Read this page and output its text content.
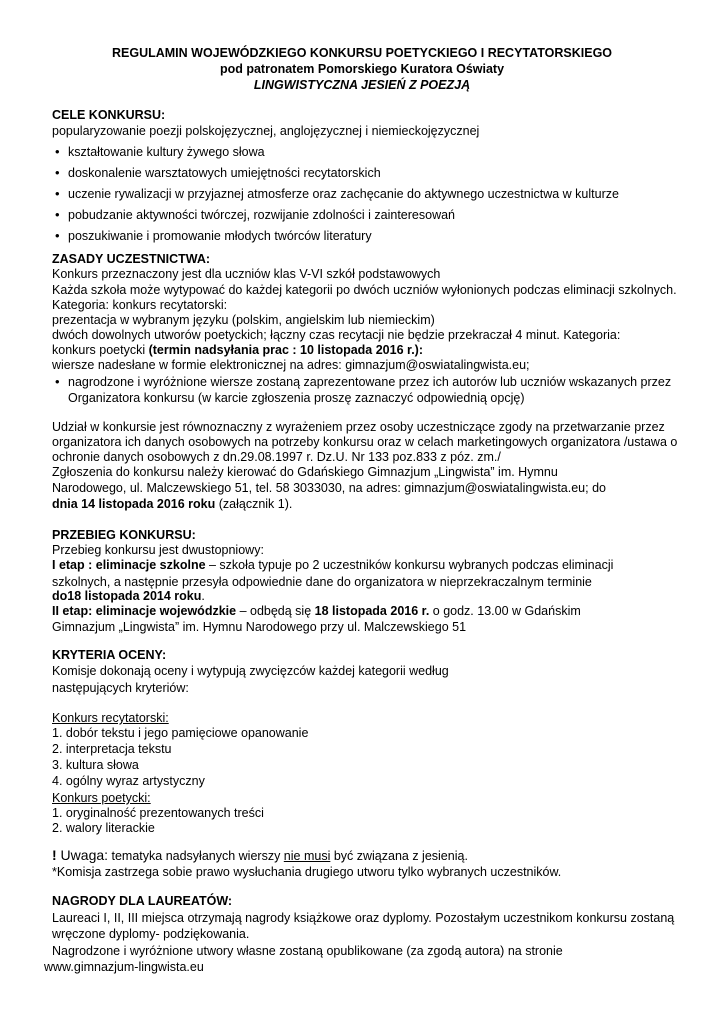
REGULAMIN WOJEWÓDZKIEGO KONKURSU POETYCKIEGO I RECYTATORSKIEGO
pod patronatem Pomorskiego Kuratora Oświaty
LINGWISTYCZNA JESIEŃ Z POEZJĄ
CELE KONKURSU:
popularyzowanie poezji polskojęzycznej, anglojęzycznej i niemieckojęzycznej
• kształtowanie kultury żywego słowa
• doskonalenie warsztatowych umiejętności recytatorskich
• uczenie rywalizacji w przyjaznej atmosferze oraz zachęcanie do aktywnego uczestnictwa w kulturze
• pobudzanie aktywności twórczej, rozwijanie zdolności i zainteresowań
• poszukiwanie i promowanie młodych twórców literatury
ZASADY UCZESTNICTWA:
Konkurs przeznaczony jest dla uczniów klas V-VI szkół podstawowych
Każda szkoła może wytypować do każdej kategorii po dwóch uczniów wyłonionych podczas eliminacji szkolnych.
Kategoria: konkurs recytatorski:
prezentacja w wybranym języku (polskim, angielskim lub niemieckim)
dwóch dowolnych utworów poetyckich; łączny czas recytacji nie będzie przekraczał 4 minut. Kategoria:
konkurs poetycki (termin nadsyłania prac : 10 listopada 2016 r.):
wiersze nadesłane w formie elektronicznej na adres: gimnazjum@oswiatalingwista.eu;
• nagrodzone i wyróżnione wiersze zostaną zaprezentowane przez ich autorów lub uczniów wskazanych przez
Organizatora konkursu (w karcie zgłoszenia proszę zaznaczyć odpowiednią opcję)
Udział w konkursie jest równoznaczny z wyrażeniem przez osoby uczestniczące zgody na przetwarzanie przez
organizatora ich danych osobowych na potrzeby konkursu oraz w celach marketingowych organizatora /ustawa o
ochronie danych osobowych z dn.29.08.1997 r. Dz.U. Nr 133 poz.833 z póz. zm./
Zgłoszenia do konkursu należy kierować do Gdańskiego Gimnazjum „Lingwista” im. Hymnu
Narodowego, ul. Malczewskiego 51, tel. 58 3033030, na adres: gimnazjum@oswiatalingwista.eu; do
dnia 14 listopada 2016 roku (załącznik 1).
PRZEBIEG KONKURSU:
Przebieg konkursu jest dwustopniowy:
I etap : eliminacje szkolne – szkoła typuje po 2 uczestników konkursu wybranych podczas eliminacji
szkolnych, a następnie przesyła odpowiednie dane do organizatora w nieprzekraczalnym terminie
do18 listopada 2014 roku.
II etap: eliminacje wojewódzkie – odbędą się 18 listopada 2016 r. o godz. 13.00 w Gdańskim
Gimnazjum „Lingwista” im. Hymnu Narodowego przy ul. Malczewskiego 51
KRYTERIA OCENY:
Komisje dokonają oceny i wytypują zwycięzców każdej kategorii według
następujących kryteriów:
Konkurs recytatorski:
1. dobór tekstu i jego pamięciowe opanowanie
2. interpretacja tekstu
3. kultura słowa
4. ogólny wyraz artystyczny
Konkurs poetycki:
1. oryginalność prezentowanych treści
2. walory literackie
! Uwaga: tematyka nadsyłanych wierszy nie musi być związana z jesienią.
*Komisja zastrzega sobie prawo wysłuchania drugiego utworu tylko wybranych uczestników.
NAGRODY DLA LAUREATÓW:
Laureaci I, II, III miejsca otrzymają nagrody książkowe oraz dyplomy. Pozostałym uczestnikom konkursu zostaną
wręczone dyplomy- podziękowania.
Nagrodzone i wyróżnione utwory własne zostaną opublikowane (za zgodą autora) na stronie
www.gimnazjum-lingwista.eu
